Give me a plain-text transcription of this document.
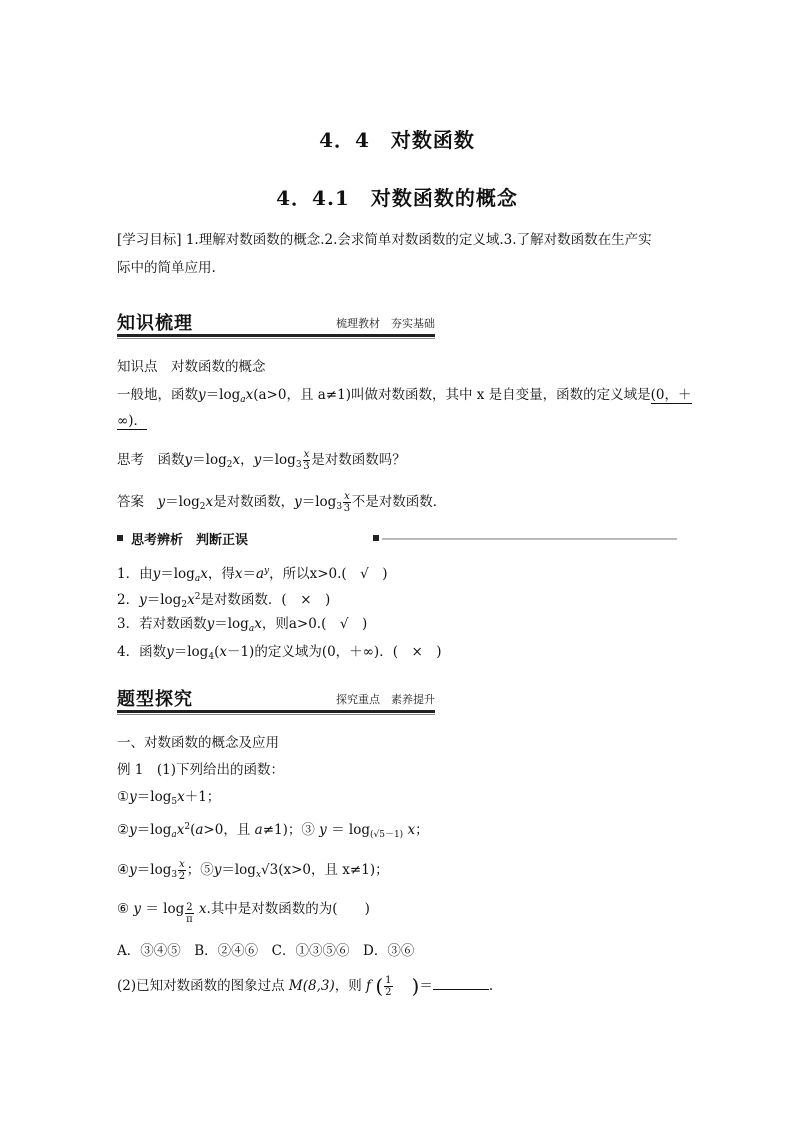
4．4　对数函数
4．4.1　对数函数的概念
[学习目标] 1.理解对数函数的概念.2.会求简单对数函数的定义域.3.了解对数函数在生产实
际中的简单应用.
知识梳理	梳理教材　夯实基础
知识点　对数函数的概念
一般地，函数$y=\log_ax(a>0$，且 a≠1)叫做对数函数，其中 x 是自变量，函数的定义域是(0，＋
∞)．
思考　 函数$y=\log_2x$，$y=\log_3 \frac{x}{3}$ 是对数函数吗？
答案　 $y=\log_2x$是对数函数，$y=\log_3 \frac{x}{3}$ 不是对数函数．
思考辨析　判断正误
1．由$y=\log_ax$，得$x=a^y$，所以x>0.(　√　)
2．$y=\log_2x^2$是对数函数．(　×　)
3．若对数函数$y=\log_ax$，则a>0.(　√　)
4．函数$y=\log_4(x-1)$的定义域为(0，＋∞)．(　×　)
题型探究	探究重点　素养提升
一、对数函数的概念及应用
例 1　 (1)下列给出的函数：
$①y=\log_5x+1$；
$②y=\log_ax^2(a>0$，且 a≠1)；③ $y = \log_{(√5-1)} x$；
$④y=\log_3 \frac{x}{2}$ ；$⑤y=\log_x√3(x>0$，且 x≠1)；
⑥ y ＝ log $_{\frac{2}{\pi}}$ x.其中是对数函数的为(　　)
A．③④⑤　B．②④⑥　C．①③⑤⑥　D．③⑥
(2)已知对数函数的图象过点 M(8,3)，则 f ( $\frac{1}{2}$ )＝	.
